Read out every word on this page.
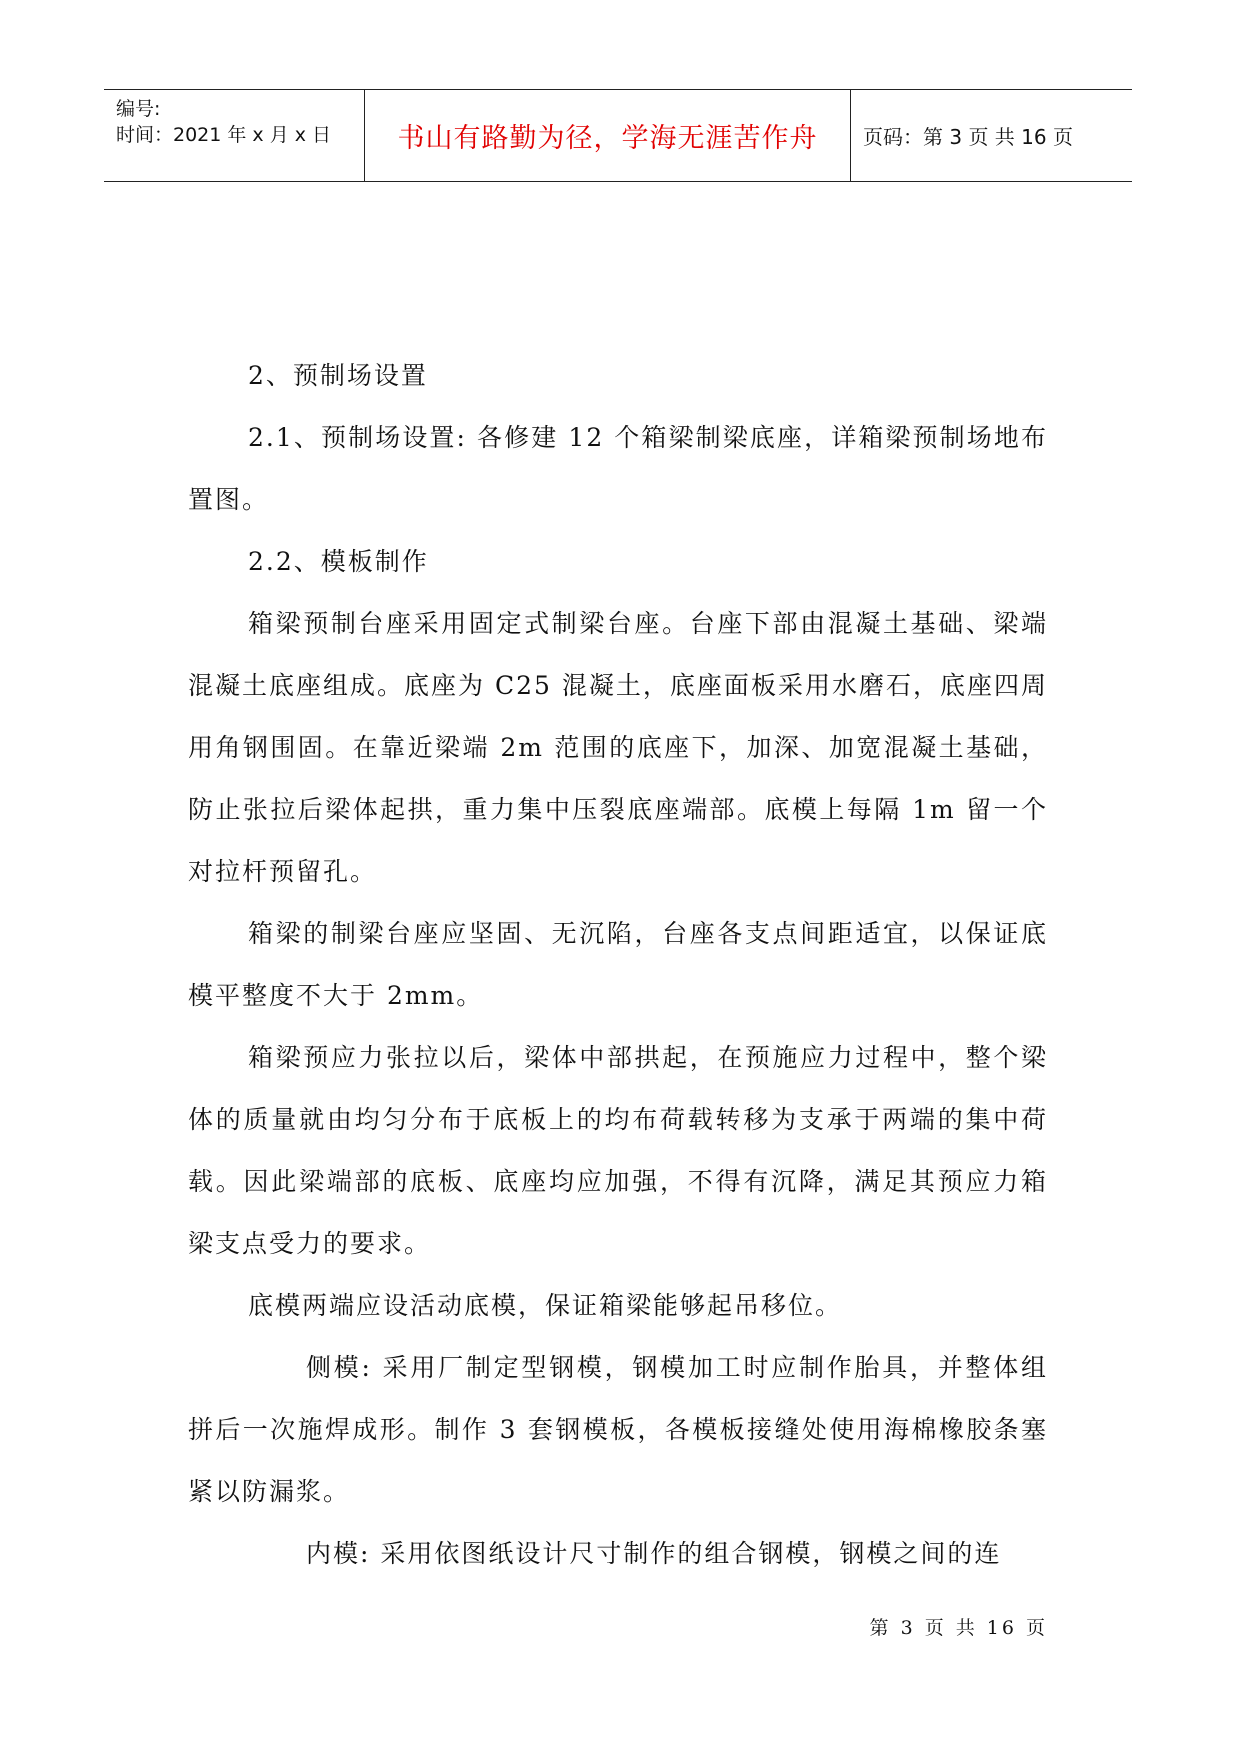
编号:
时间：2021 年 x 月 x 日 书山有路勤为径，学海无涯苦作舟 页码：第 3 页 共 16 页

2、预制场设置

2.1、预制场设置: 各修建 12 个箱梁制梁底座，详箱梁预制场地布置图。

2.2、模板制作

箱梁预制台座采用固定式制梁台座。台座下部由混凝土基础、梁端混凝土底座组成。底座为 C25 混凝土，底座面板采用水磨石，底座四周用角钢围固。在靠近梁端 2m 范围的底座下，加深、加宽混凝土基础，防止张拉后梁体起拱，重力集中压裂底座端部。底模上每隔 1m 留一个对拉杆预留孔。

箱梁的制梁台座应坚固、无沉陷，台座各支点间距适宜，以保证底模平整度不大于 2mm。

箱梁预应力张拉以后，梁体中部拱起，在预施应力过程中，整个梁体的质量就由均匀分布于底板上的均布荷载转移为支承于两端的集中荷载。因此梁端部的底板、底座均应加强，不得有沉降，满足其预应力箱梁支点受力的要求。

底模两端应设活动底模，保证箱梁能够起吊移位。

侧模: 采用厂制定型钢模，钢模加工时应制作胎具，并整体组拼后一次施焊成形。制作 3 套钢模板，各模板接缝处使用海棉橡胶条塞紧以防漏浆。

内模: 采用依图纸设计尺寸制作的组合钢模，钢模之间的连

第 3 页 共 16 页
